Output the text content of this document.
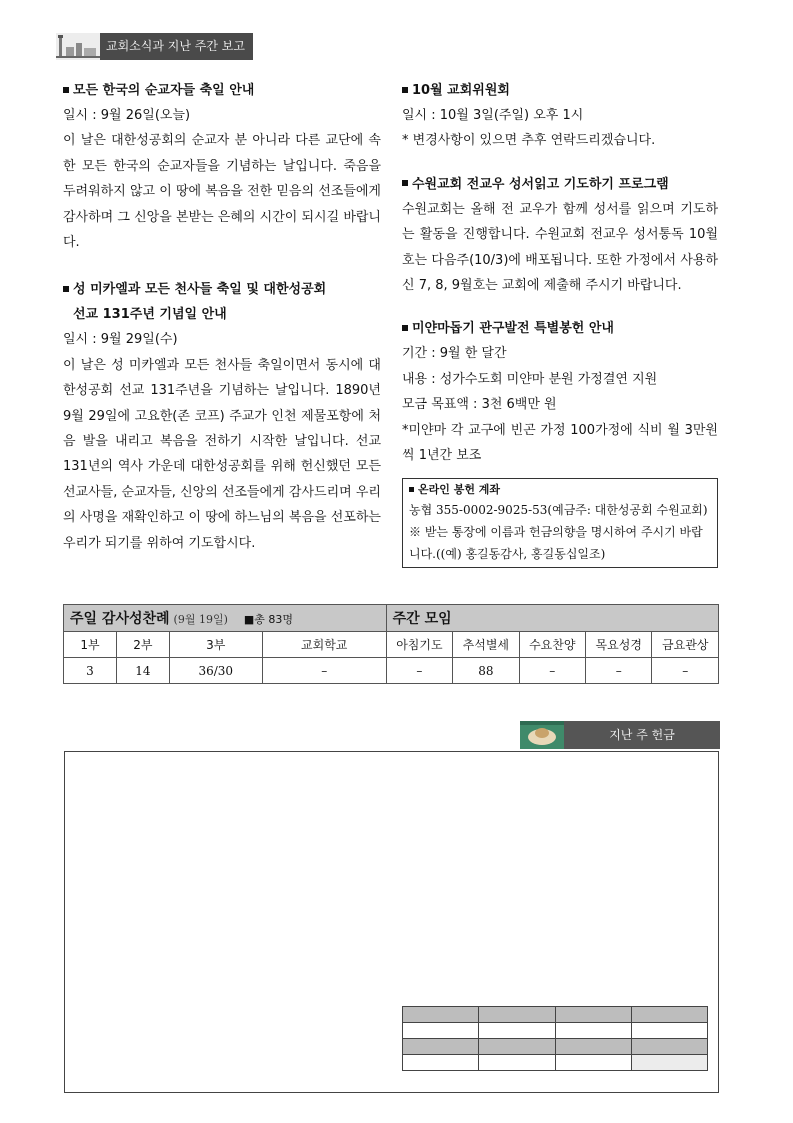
교회소식과 지난 주간 보고
모든 한국의 순교자들 축일 안내

일시 : 9월 26일(오늘)

이 날은 대한성공회의 순교자 분 아니라 다른 교단에 속한 모든 한국의 순교자들을 기념하는 날입니다. 죽음을 두려워하지 않고 이 땅에 복음을 전한 믿음의 선조들에게 감사하며 그 신앙을 본받는 은혜의 시간이 되시길 바랍니다.

성 미카엘과 모든 천사들 축일 및 대한성공회
선교 131주년 기념일 안내

일시 : 9월 29일(수)

이 날은 성 미카엘과 모든 천사들 축일이면서 동시에 대한성공회 선교 131주년을 기념하는 날입니다. 1890년 9월 29일에 고요한(존 코프) 주교가 인천 제물포항에 처음 발을 내리고 복음을 전하기 시작한 날입니다. 선교 131년의 역사 가운데 대한성공회를 위해 헌신했던 모든 선교사들, 순교자들, 신앙의 선조들에게 감사드리며 우리의 사명을 재확인하고 이 땅에 하느님의 복음을 선포하는 우리가 되기를 위하여 기도합시다.

10월 교회위원회

일시 : 10월 3일(주일) 오후 1시

* 변경사항이 있으면 추후 연락드리겠습니다.

수원교회 전교우 성서읽고 기도하기 프로그램

수원교회는 올해 전 교우가 함께 성서를 읽으며 기도하는 활동을 진행합니다. 수원교회 전교우 성서통독 10월호는 다음주(10/3)에 배포됩니다. 또한 가정에서 사용하신 7, 8, 9월호는 교회에 제출해 주시기 바랍니다.

미얀마돕기 관구발전 특별봉헌 안내

기간 : 9월 한 달간

내용 : 성가수도회 미얀마 분원 가정결연 지원

모금 목표액 : 3천 6백만 원

*미얀마 각 교구에 빈곤 가정 100가정에 식비 월 3만원씩 1년간 보조

온라인 봉헌 계좌
농협 355-0002-9025-53(예금주: 대한성공회 수원교회)
※ 받는 통장에 이름과 헌금의향을 명시하여 주시기 바랍니다.((예) 홍길동감사, 홍길동십일조)
주일 감사성찬례 (9월 19일) ■총 83명				주간 모임				
1부	2부	3부	교회학교	아침기도	추석별세	수요찬양	목요성경	금요관상
3	14	36/30	–	–	88	–	–	–
지난 주 헌금
